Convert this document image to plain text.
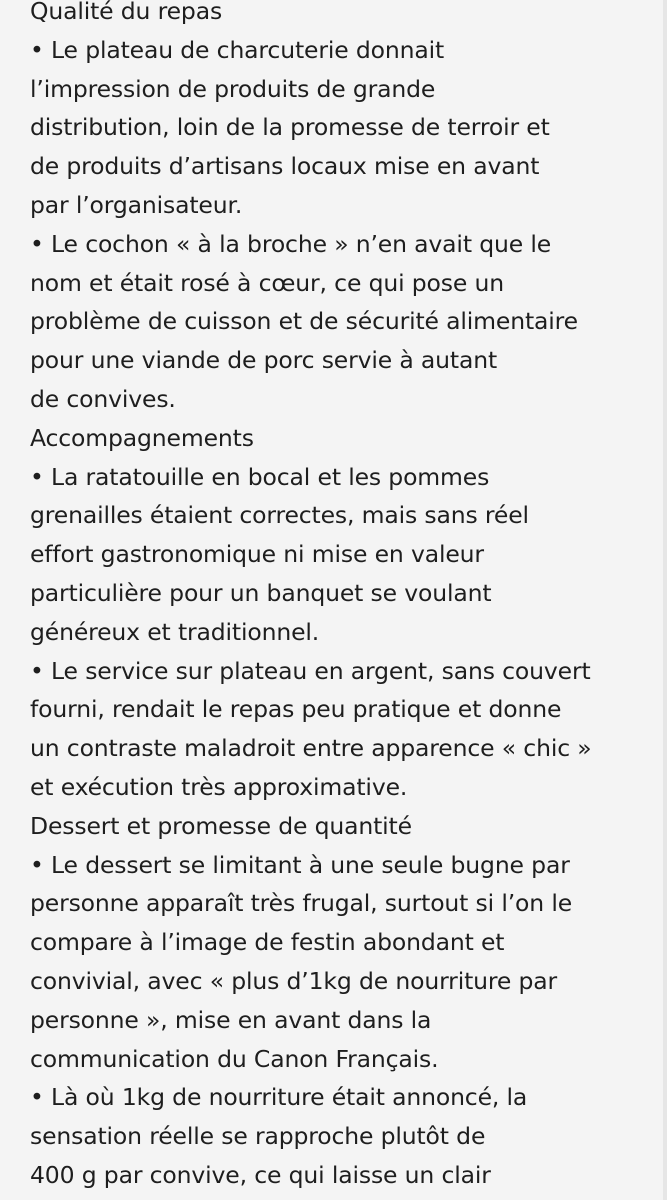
Qualité du repas
• Le plateau de charcuterie donnait
l’impression de produits de grande
distribution, loin de la promesse de terroir et
de produits d’artisans locaux mise en avant
par l’organisateur.
• Le cochon « à la broche » n’en avait que le
nom et était rosé à cœur, ce qui pose un
problème de cuisson et de sécurité alimentaire
pour une viande de porc servie à autant
de convives.
Accompagnements
• La ratatouille en bocal et les pommes
grenailles étaient correctes, mais sans réel
effort gastronomique ni mise en valeur
particulière pour un banquet se voulant
généreux et traditionnel.
• Le service sur plateau en argent, sans couvert
fourni, rendait le repas peu pratique et donne
un contraste maladroit entre apparence « chic »
et exécution très approximative.
Dessert et promesse de quantité
• Le dessert se limitant à une seule bugne par
personne apparaît très frugal, surtout si l’on le
compare à l’image de festin abondant et
convivial, avec « plus d’1kg de nourriture par
personne », mise en avant dans la
communication du Canon Français.
• Là où 1kg de nourriture était annoncé, la
sensation réelle se rapproche plutôt de
400 g par convive, ce qui laisse un clair
